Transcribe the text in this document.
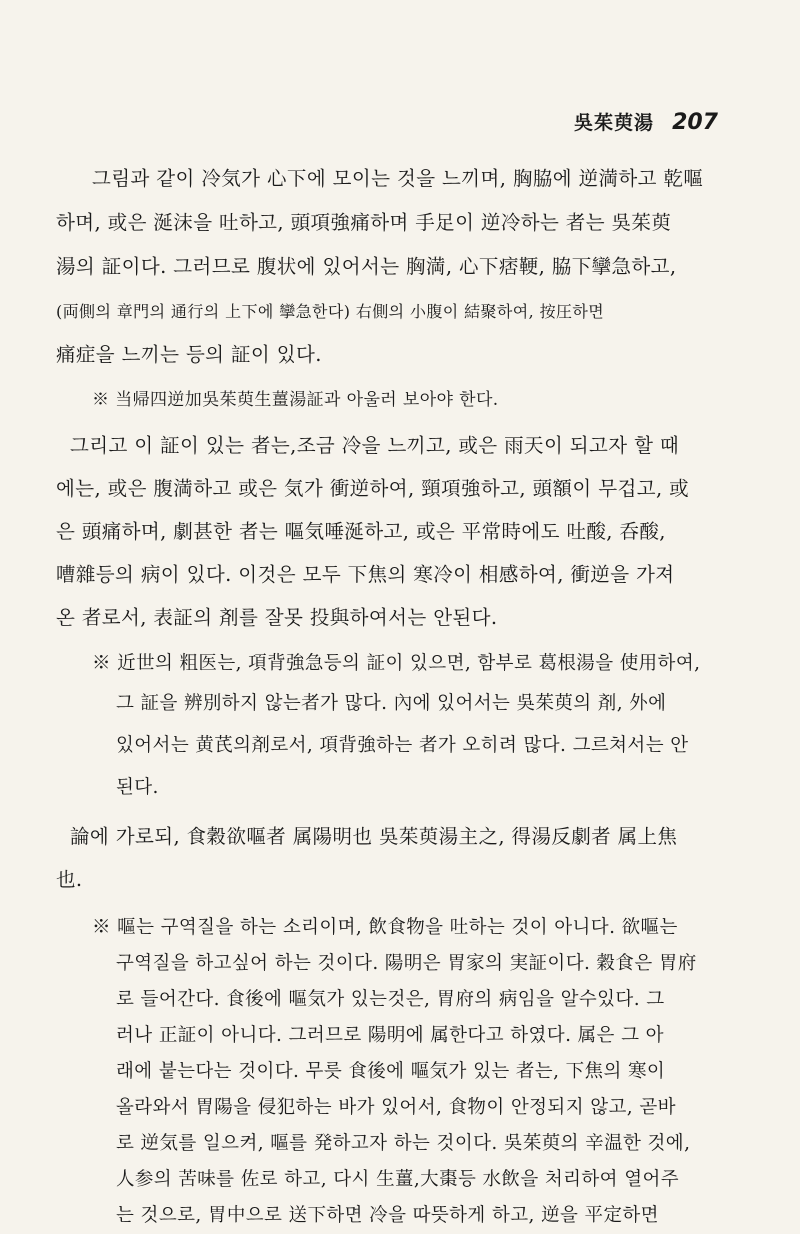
吳茱萸湯 207
그림과 같이 冷気가 心下에 모이는 것을 느끼며, 胸脇에 逆満하고 乾嘔
하며, 或은 涎沫을 吐하고, 頭項強痛하며 手足이 逆冷하는 者는 吳茱萸
湯의 証이다. 그러므로 腹状에 있어서는 胸満, 心下痞鞕, 脇下攣急하고,
(両側의 章門의 通行의 上下에 攣急한다) 右側의 小腹이 結聚하여, 按圧하면
痛症을 느끼는 등의 証이 있다.
※ 当帰四逆加吳茱萸生薑湯証과 아울러 보아야 한다.
그리고 이 証이 있는 者는,조금 冷을 느끼고, 或은 雨天이 되고자 할 때
에는, 或은 腹満하고 或은 気가 衝逆하여, 頸項強하고, 頭額이 무겁고, 或
은 頭痛하며, 劇甚한 者는 嘔気唾涎하고, 或은 平常時에도 吐酸, 呑酸,
嘈雜등의 病이 있다. 이것은 모두 下焦의 寒冷이 相感하여, 衝逆을 가져
온 者로서, 表証의 剤를 잘못 投與하여서는 안된다.
※ 近世의 粗医는, 項背強急등의 証이 있으면, 함부로 葛根湯을 使用하여,
그 証을 辨別하지 않는者가 많다. 內에 있어서는 吳茱萸의 剤, 外에
있어서는 黄芪의剤로서, 項背強하는 者가 오히려 많다. 그르쳐서는 안
된다.
論에 가로되, 食穀欲嘔者 属陽明也 吳茱萸湯主之, 得湯反劇者 属上焦
也.
※ 嘔는 구역질을 하는 소리이며, 飲食物을 吐하는 것이 아니다. 欲嘔는
구역질을 하고싶어 하는 것이다. 陽明은 胃家의 実証이다. 穀食은 胃府
로 들어간다. 食後에 嘔気가 있는것은, 胃府의 病임을 알수있다. 그
러나 正証이 아니다. 그러므로 陽明에 属한다고 하였다. 属은 그 아
래에 붙는다는 것이다. 무릇 食後에 嘔気가 있는 者는, 下焦의 寒이
올라와서 胃陽을 侵犯하는 바가 있어서, 食物이 안정되지 않고, 곧바
로 逆気를 일으켜, 嘔를 発하고자 하는 것이다. 吳茱萸의 辛温한 것에,
人参의 苦味를 佐로 하고, 다시 生薑,大棗등 水飲을 처리하여 열어주
는 것으로, 胃中으로 送下하면 冷을 따뜻하게 하고, 逆을 平定하면
